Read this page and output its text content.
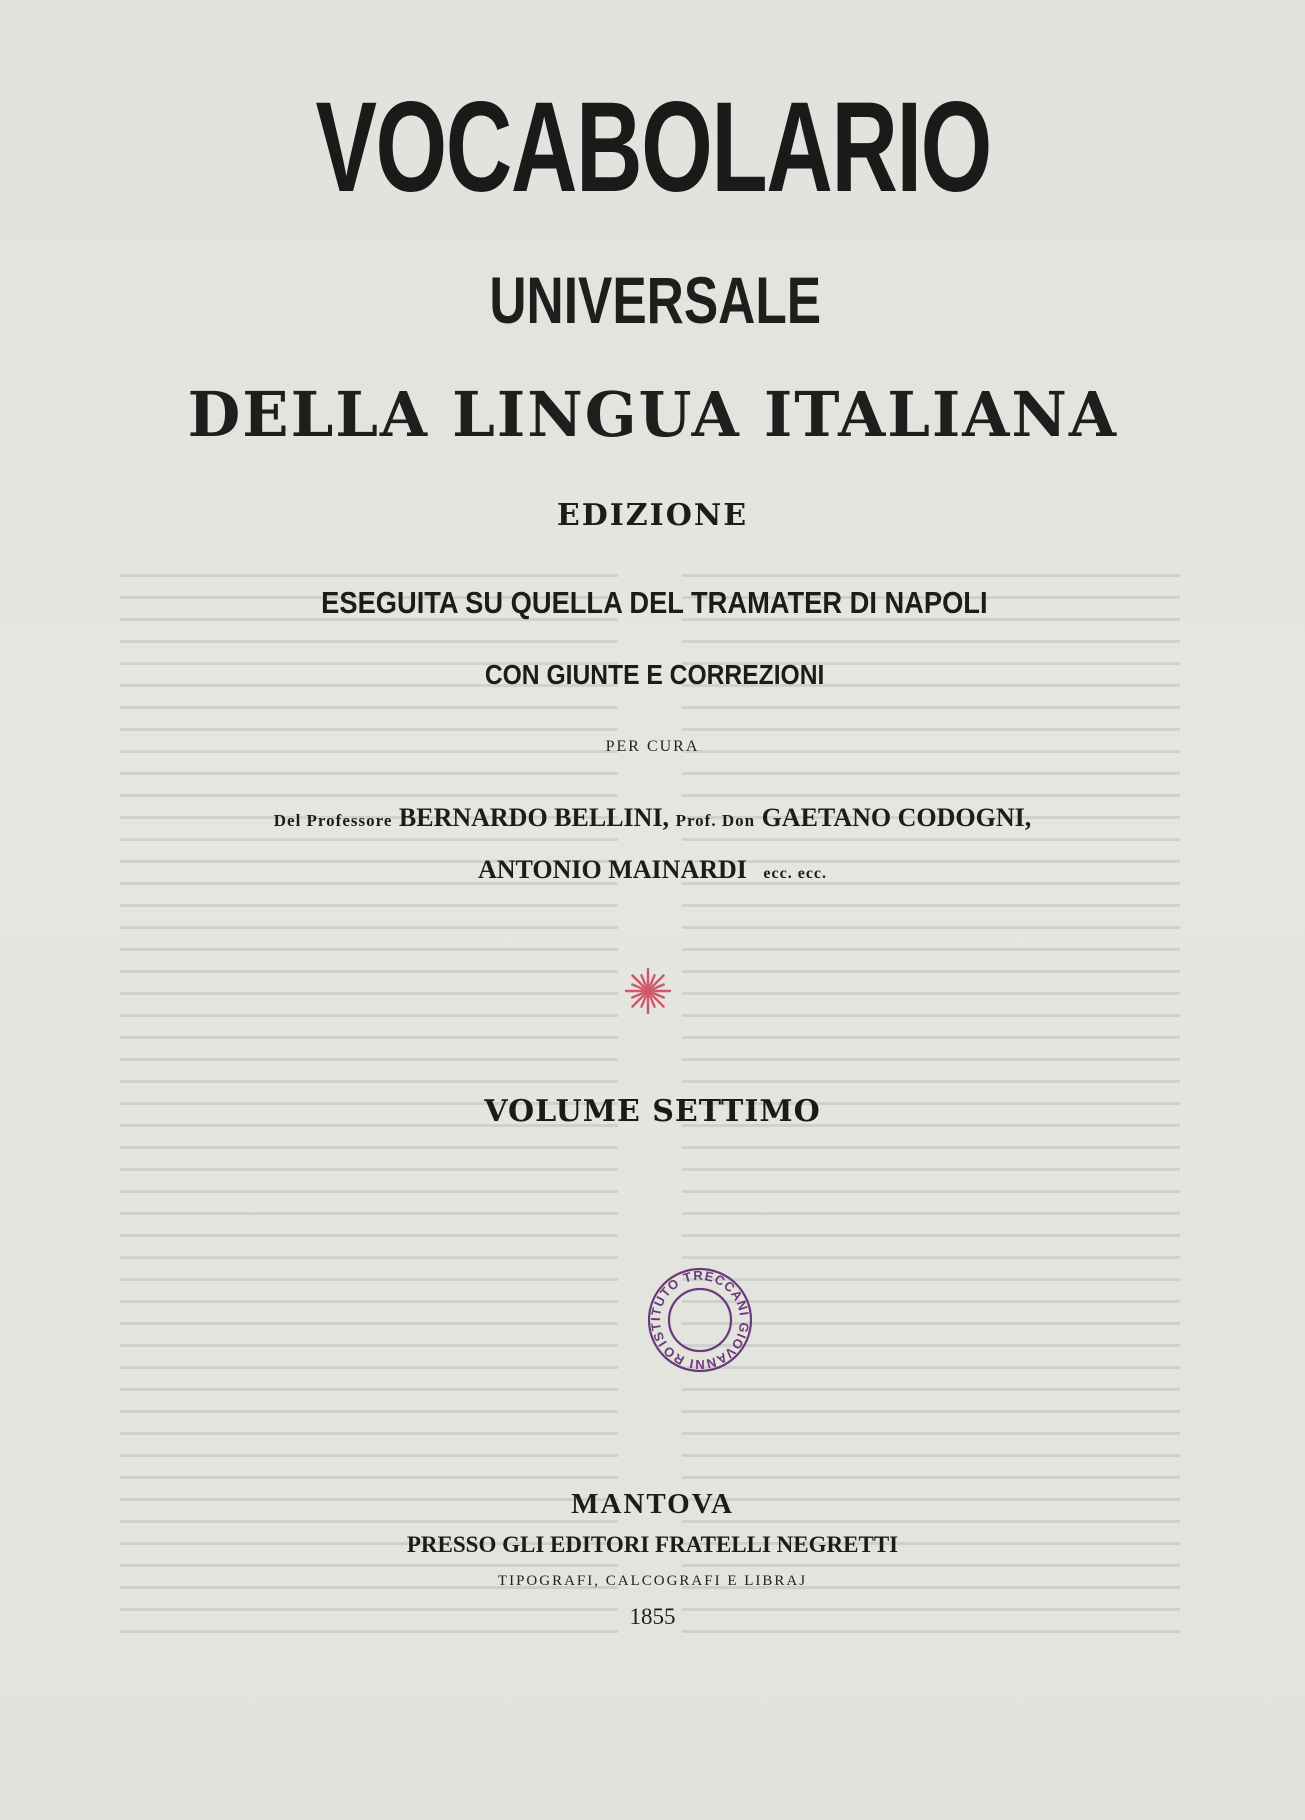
VOCABOLARIO
UNIVERSALE
DELLA LINGUA ITALIANA
EDIZIONE
ESEGUITA SU QUELLA DEL TRAMATER DI NAPOLI
CON GIUNTE E CORREZIONI
PER CURA
Del Professore BERNARDO BELLINI, Prof. Don GAETANO CODOGNI,
ANTONIO MAINARDI ecc. ecc.
VOLUME SETTIMO
ISTITUTO TRECCANI GIOVANNI ROMA
MANTOVA
PRESSO GLI EDITORI FRATELLI NEGRETTI
TIPOGRAFI, CALCOGRAFI E LIBRAJ
1855
